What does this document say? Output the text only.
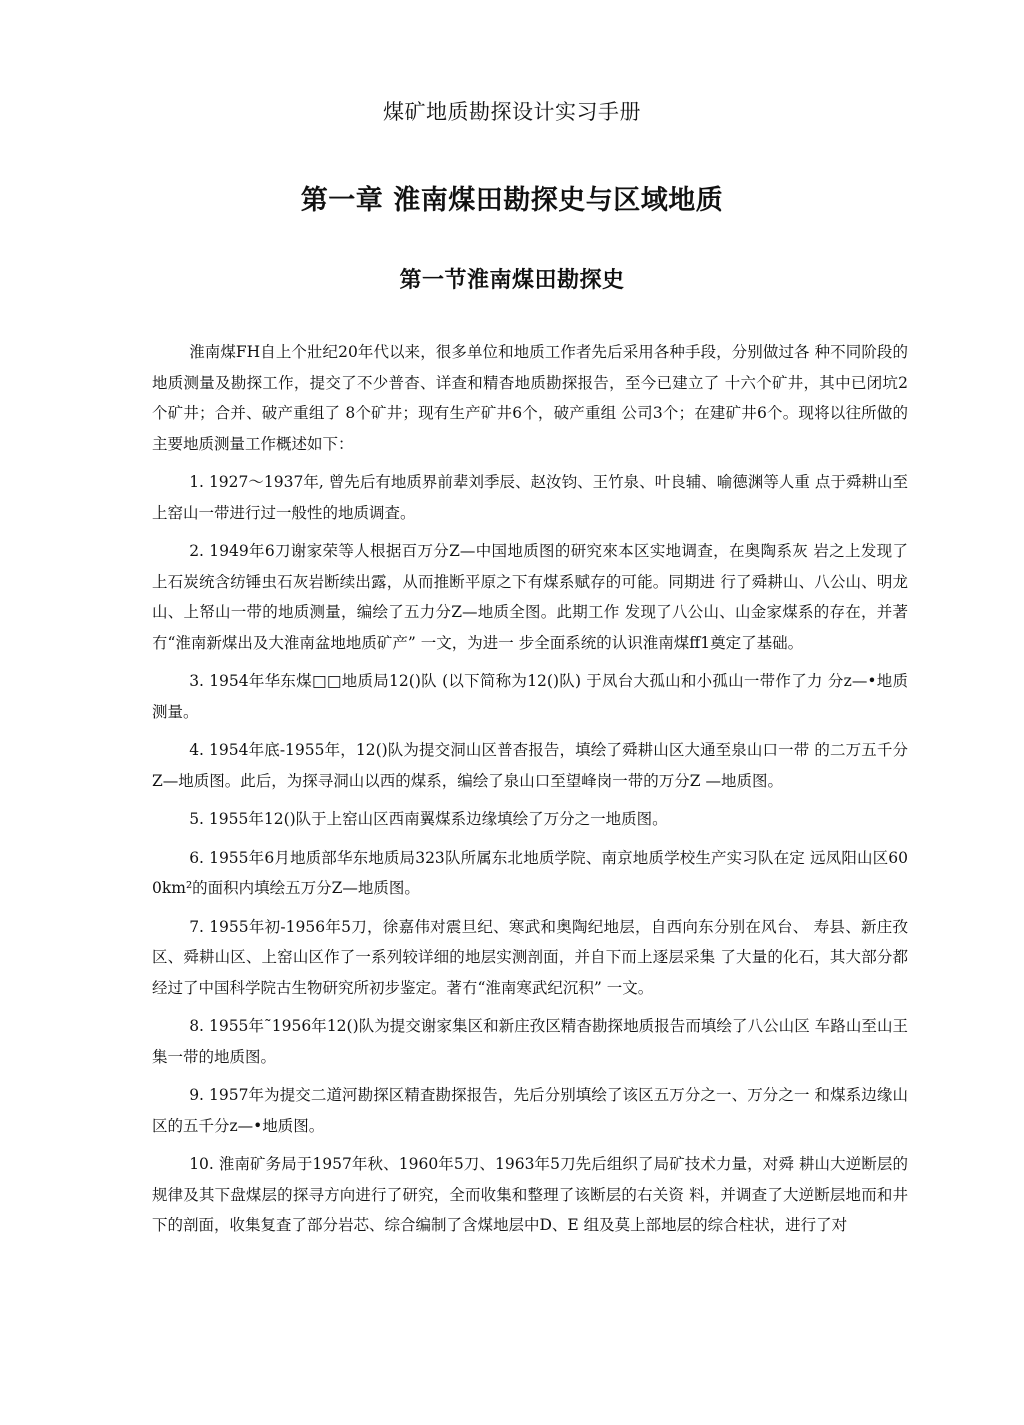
煤矿地质勘探设计实习手册
第一章 淮南煤田勘探史与区域地质
第一节淮南煤田勘探史

淮南煤FH自上个壯纪20年代以来，很多单位和地质工作者先后采用各种手段，分别做过各 种不同阶段的地质测量及勘探工作，提交了不少普杳、详查和精杳地质勘探报告，至今已建立了 十六个矿井，其中已闭坑2个矿井；合并、破产重组了 8个矿井；现有生产矿井6个，破产重组 公司3个；在建矿井6个。现将以往所做的主要地质测量工作概述如下：

1. 1927～1937年, 曾先后有地质界前辈刘季辰、赵汝钧、王竹泉、叶良辅、喻德渊等人重 点于舜耕山至上窑山一带进行过一般性的地质调査。

2. 1949年6刀谢家荣等人根据百万分Z—中国地质图的研究來本区实地调查，在奥陶系灰 岩之上发现了上石炭统含纺锤虫石灰岩断续出露，从而推断平原之下有煤系赋存的可能。同期进 行了舜耕山、八公山、明龙山、上帑山一带的地质测量，编绘了五力分Z—地质全图。此期工作 发现了八公山、山金家煤系的存在，并著冇“淮南新煤出及大淮南盆地地质矿产” 一文，为进一 步全面系统的认识淮南煤ff1奠定了基础。

3. 1954年华东煤□□地质局12()队 (以下简称为12()队) 于凤台大孤山和小孤山一带作了力 分z—•地质测量。

4. 1954年底-1955年，12()队为提交洞山区普杳报告，填绘了舜耕山区大通至泉山口一带 的二万五千分Z—地质图。此后，为探寻洞山以西的煤系，编绘了泉山口至望峰岗一带的万分Z —地质图。

5. 1955年12()队于上窑山区西南翼煤系边缘填绘了万分之一地质图。

6. 1955年6月地质部华东地质局323队所属东北地质学院、南京地质学校生产实习队在定 远凤阳山区600km²的面积内填绘五万分Z—地质图。

7. 1955年初-1956年5刀，徐嘉伟对震旦纪、寒武和奥陶纪地层，自西向东分别在风台、 寿县、新庄孜区、舜耕山区、上窑山区作了一系列较详细的地层实测剖面，并自下而上逐层采集 了大量的化石，其大部分都经过了中国科学院古生物研究所初步鉴定。著冇“淮南寒武纪沉积” 一文。

8. 1955年˜1956年12()队为提交谢家集区和新庄孜区精杳勘探地质报告而填绘了八公山区 车路山至山王集一带的地质图。

9. 1957年为提交二道河勘探区精査勘探报告，先后分别填绘了该区五万分之一、万分之一 和煤系边缘山区的五千分z—•地质图。

10. 淮南矿务局于1957年秋、1960年5刀、1963年5刀先后组织了局矿技术力量，对舜 耕山大逆断层的规律及其下盘煤层的探寻方向进行了研究，全而收集和整理了该断层的右关资 料，并调查了大逆断层地而和井下的剖面，收集复査了部分岩芯、综合编制了含煤地层中D、E 组及莫上部地层的综合柱状，进行了对
